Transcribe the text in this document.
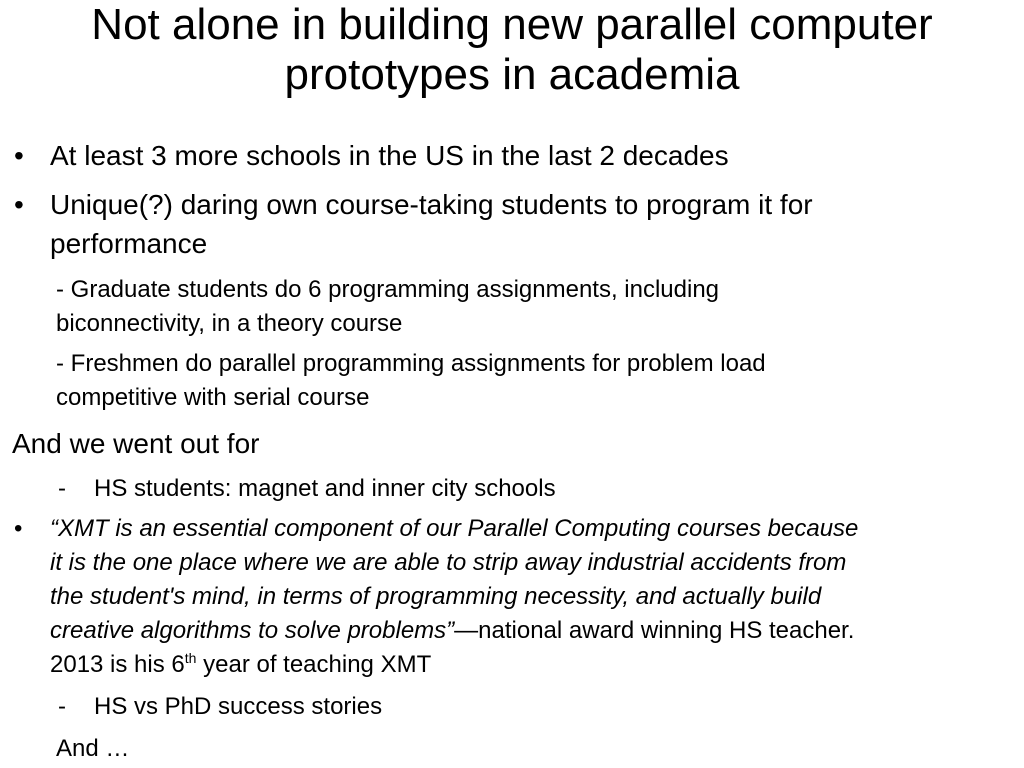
Not alone in building new parallel computer
prototypes in academia
• At least 3 more schools in the US in the last 2 decades
• Unique(?) daring own course-taking students to program it for
performance
- Graduate students do 6 programming assignments, including
biconnectivity, in a theory course
- Freshmen do parallel programming assignments for problem load
competitive with serial course
And we went out for
- HS students: magnet and inner city schools
• “XMT is an essential component of our Parallel Computing courses because
it is the one place where we are able to strip away industrial accidents from
the student's mind, in terms of programming necessity, and actually build
creative algorithms to solve problems”—national award winning HS teacher.
2013 is his 6th year of teaching XMT
- HS vs PhD success stories
And …
